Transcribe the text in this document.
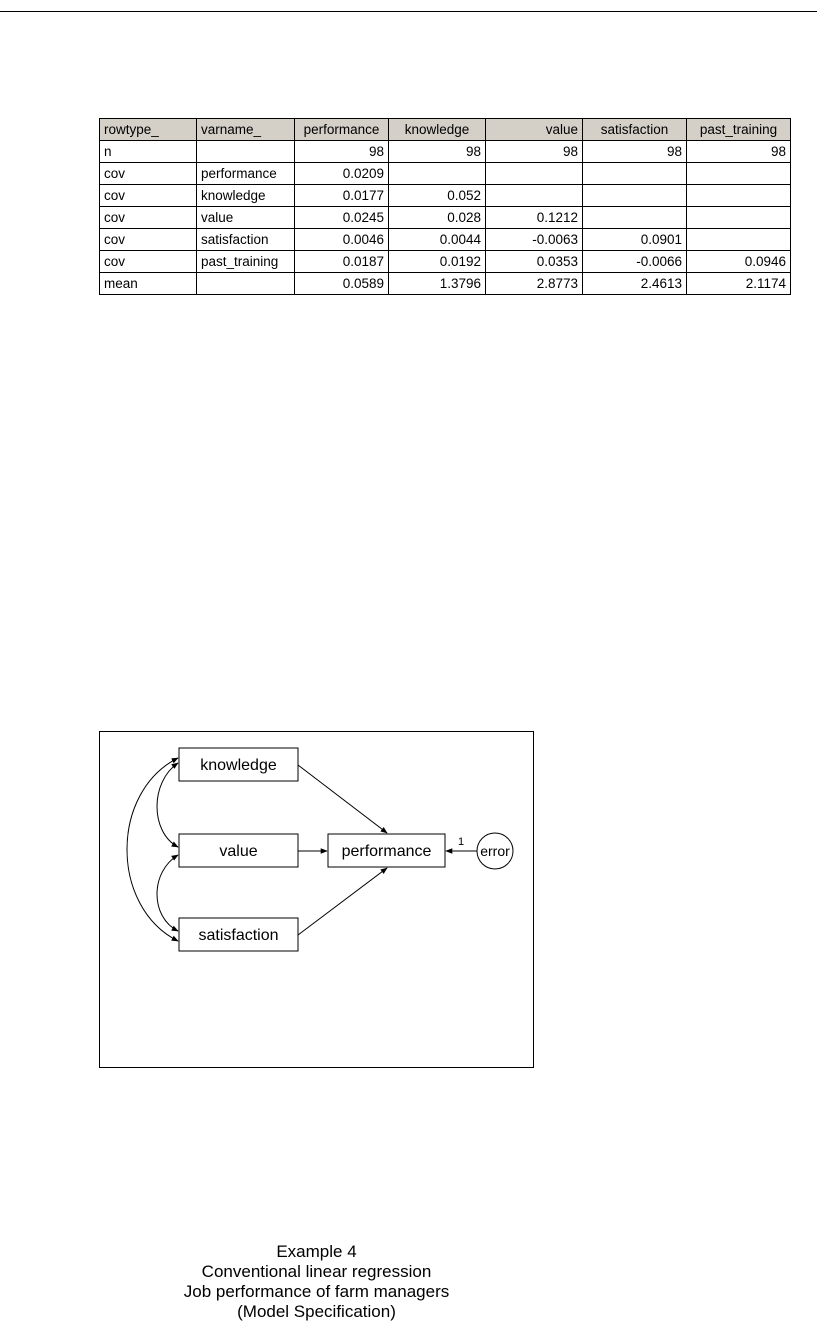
rowtype_	varname_	performance	knowledge	value	satisfaction	past_training
n		98	98	98	98	98
cov	performance	0.0209				
cov	knowledge	0.0177	0.052			
cov	value	0.0245	0.028	0.1212		
cov	satisfaction	0.0046	0.0044	-0.0063	0.0901	
cov	past_training	0.0187	0.0192	0.0353	-0.0066	0.0946
mean		0.0589	1.3796	2.8773	2.4613	2.1174
knowledge
value
satisfaction
performance	error
1
Example 4
Conventional linear regression
Job performance of farm managers
(Model Specification)
